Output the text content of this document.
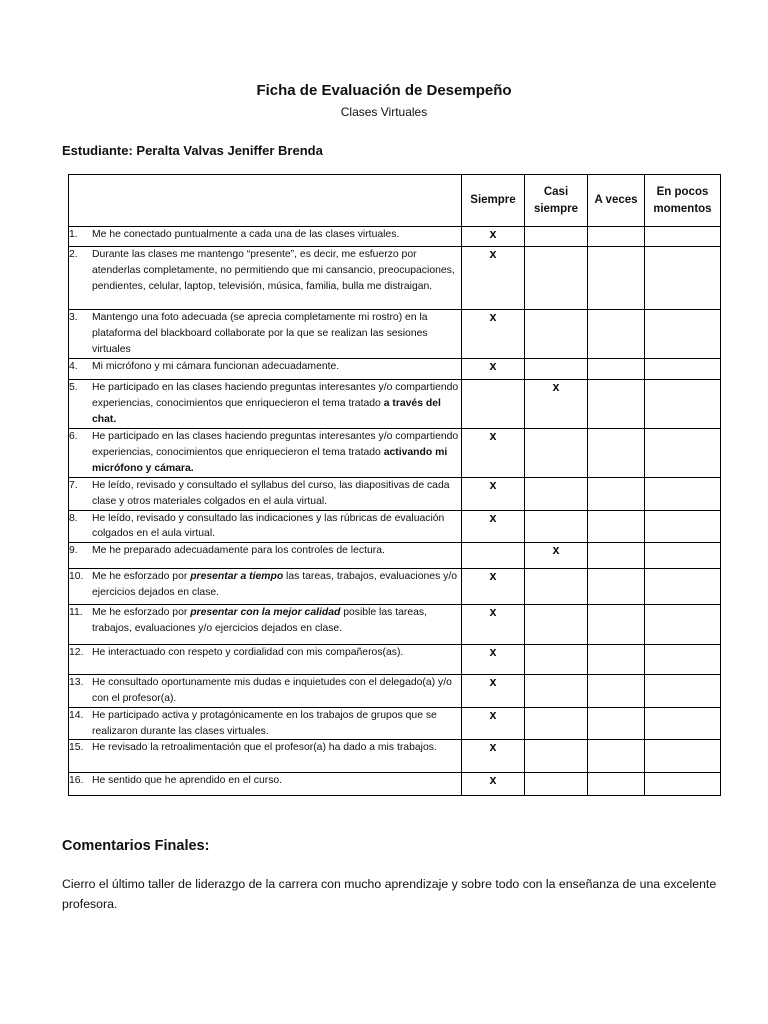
Ficha de Evaluación de Desempeño
Clases Virtuales
Estudiante: Peralta Valvas Jeniffer Brenda
	Siempre	Casi siempre	A veces	En pocos momentos

1. Me he conectado puntualmente a cada una de las clases virtuales.	x			

2. Durante las clases me mantengo “presente”, es decir, me esfuerzo por atenderlas completamente, no permitiendo que mi cansancio, preocupaciones, pendientes, celular, laptop, televisión, música, familia, bulla me distraigan.	x			

3. Mantengo una foto adecuada (se aprecia completamente mi rostro) en la plataforma del blackboard collaborate por la que se realizan las sesiones virtuales	x			

4. Mi micrófono y mi cámara funcionan adecuadamente.	x			

5. He participado en las clases haciendo preguntas interesantes y/o compartiendo experiencias, conocimientos que enriquecieron el tema tratado a través del chat.		x		

6. He participado en las clases haciendo preguntas interesantes y/o compartiendo experiencias, conocimientos que enriquecieron el tema tratado activando mi micrófono y cámara.	x			

7. He leído, revisado y consultado el syllabus del curso, las diapositivas de cada clase y otros materiales colgados en el aula virtual.	x			

8. He leído, revisado y consultado las indicaciones y las rúbricas de evaluación colgados en el aula virtual.	x			

9. Me he preparado adecuadamente para los controles de lectura.		x		

10. Me he esforzado por presentar a tiempo las tareas, trabajos, evaluaciones y/o ejercicios dejados en clase.	x			

11. Me he esforzado por presentar con la mejor calidad posible las tareas, trabajos, evaluaciones y/o ejercicios dejados en clase.	x			

12. He interactuado con respeto y cordialidad con mis compañeros(as).	x			

13. He consultado oportunamente mis dudas e inquietudes con el delegado(a) y/o con el profesor(a).	x			

14. He participado activa y protagónicamente en los trabajos de grupos que se realizaron durante las clases virtuales.	x			

15. He revisado la retroalimentación que el profesor(a) ha dado a mis trabajos.	x			

16. He sentido que he aprendido en el curso.	x			
Comentarios Finales:
Cierro el último taller de liderazgo de la carrera con mucho aprendizaje y sobre todo con la enseñanza de una excelente profesora.
